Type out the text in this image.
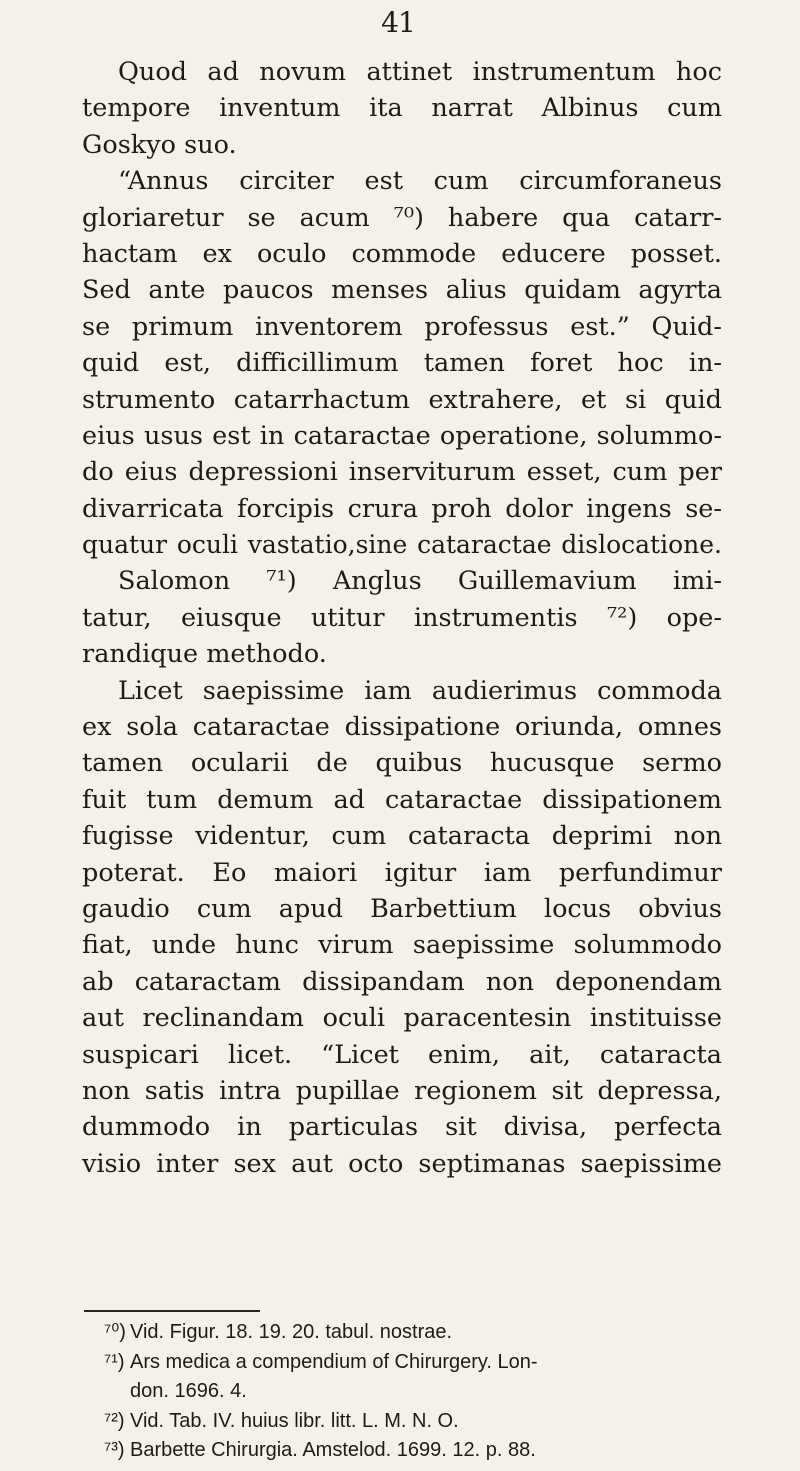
41
Quod ad novum attinet instrumentum hoc
tempore inventum ita narrat Albinus cum
Goskyo suo.
“Annus circiter est cum circumforaneus
gloriaretur se acum ⁷⁰) habere qua catarr-
hactam ex oculo commode educere posset.
Sed ante paucos menses alius quidam agyrta
se primum inventorem professus est.” Quid-
quid est, difficillimum tamen foret hoc in-
strumento catarrhactum extrahere, et si quid
eius usus est in cataractae operatione, solummo-
do eius depressioni inserviturum esset, cum per
divarricata forcipis crura proh dolor ingens se-
quatur oculi vastatio,sine cataractae dislocatione.
Salomon ⁷¹) Anglus Guillemavium imi-
tatur, eiusque utitur instrumentis ⁷²) ope-
randique methodo.
Licet saepissime iam audierimus commoda
ex sola cataractae dissipatione oriunda, omnes
tamen ocularii de quibus hucusque sermo
fuit tum demum ad cataractae dissipationem
fugisse videntur, cum cataracta deprimi non
poterat. Eo maiori igitur iam perfundimur
gaudio cum apud Barbettium locus obvius
fiat, unde hunc virum saepissime solummodo
ab cataractam dissipandam non deponendam
aut reclinandam oculi paracentesin instituisse
suspicari licet. “Licet enim, ait, cataracta
non satis intra pupillae regionem sit depressa,
dummodo in particulas sit divisa, perfecta
visio inter sex aut octo septimanas saepissime
⁷⁰) Vid. Figur. 18. 19. 20. tabul. nostrae.
⁷¹) Ars medica a compendium of Chirurgery. Lon-
don. 1696. 4.
⁷²) Vid. Tab. IV. huius libr. litt. L. M. N. O.
⁷³) Barbette Chirurgia. Amstelod. 1699. 12. p. 88.
